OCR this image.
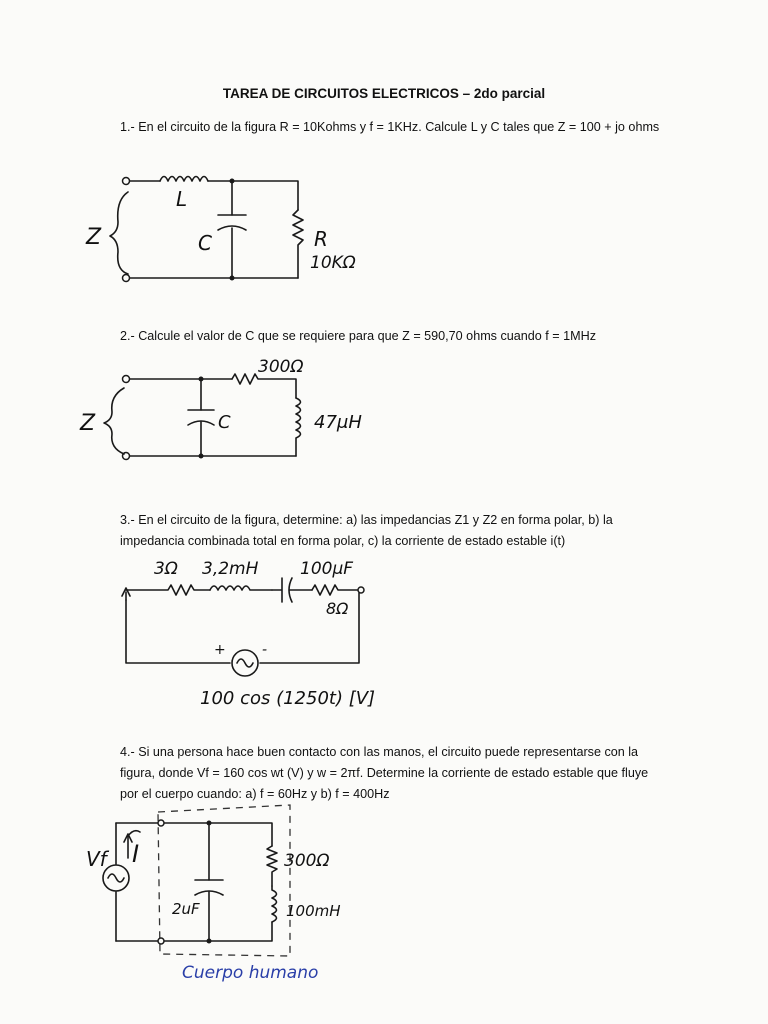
TAREA DE CIRCUITOS ELECTRICOS – 2do parcial
1.- En el circuito de la figura R = 10Kohms y f = 1KHz. Calcule L y C tales que Z = 100 + jo ohms
Z
L
C	R
10KΩ
2.- Calcule el valor de C que se requiere para que Z = 590,70 ohms cuando f = 1MHz
Z
300Ω
C	47μH
3.- En el circuito de la figura, determine: a) las impedancias Z1 y Z2 en forma polar, b) la impedancia combinada total en forma polar, c) la corriente de estado estable i(t)
3Ω 3,2mH 100μF
8Ω
+	-
100 cos (1250t) [V]
4.- Si una persona hace buen contacto con las manos, el circuito puede representarse con la figura, donde Vf = 160 cos wt (V) y w = 2πf. Determine la corriente de estado estable que fluye por el cuerpo cuando: a) f = 60Hz y b) f = 400Hz
I
Vf
2uF
300Ω
100mH
Cuerpo humano
